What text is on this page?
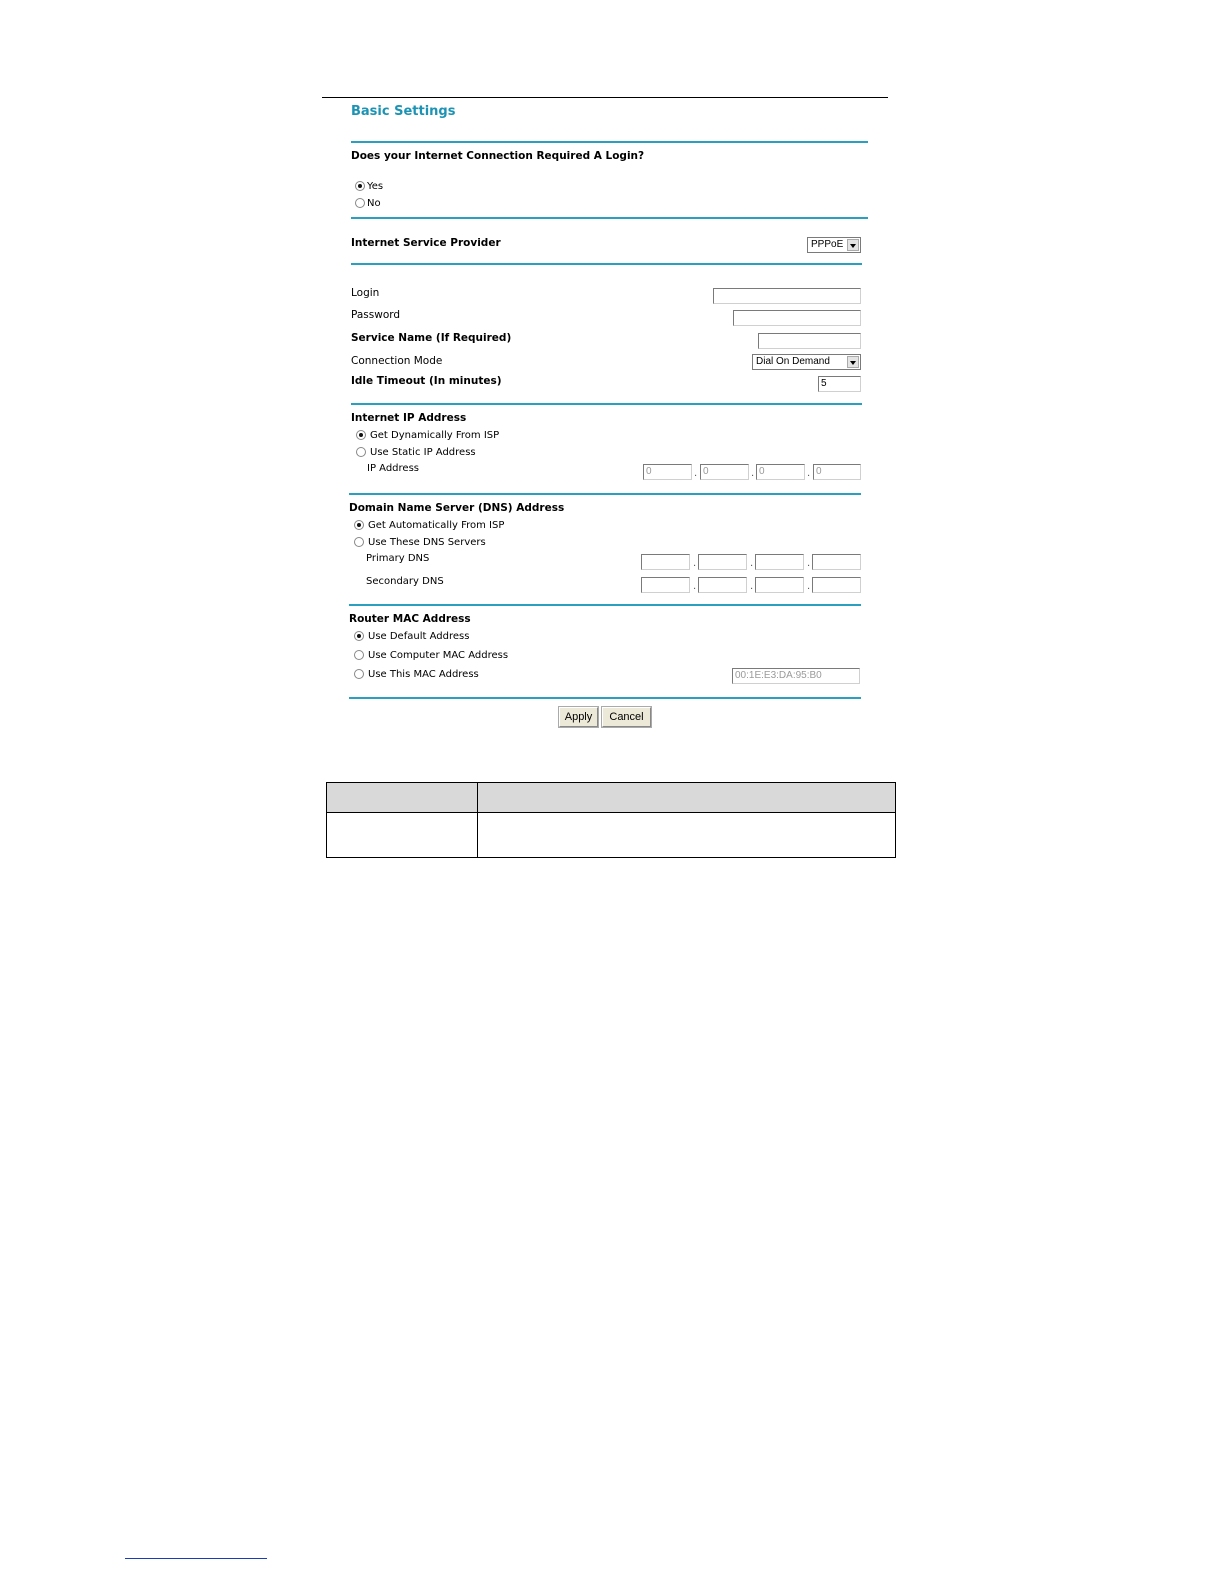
Basic Settings
Does your Internet Connection Required A Login?
Yes
No
Internet Service Provider	PPPoE
Login
Password
Service Name (If Required)
Connection Mode	Dial On Demand
Idle Timeout (In minutes)	5
Internet IP Address
Get Dynamically From ISP
Use Static IP Address
IP Address	0	. 0	. 0	. 0
Domain Name Server (DNS) Address
Get Automatically From ISP
Use These DNS Servers
Primary DNS	.	.	.
Secondary DNS	.	.	.
Router MAC Address
Use Default Address
Use Computer MAC Address
Use This MAC Address	00:1E:E3:DA:95:B0
Apply	Cancel
